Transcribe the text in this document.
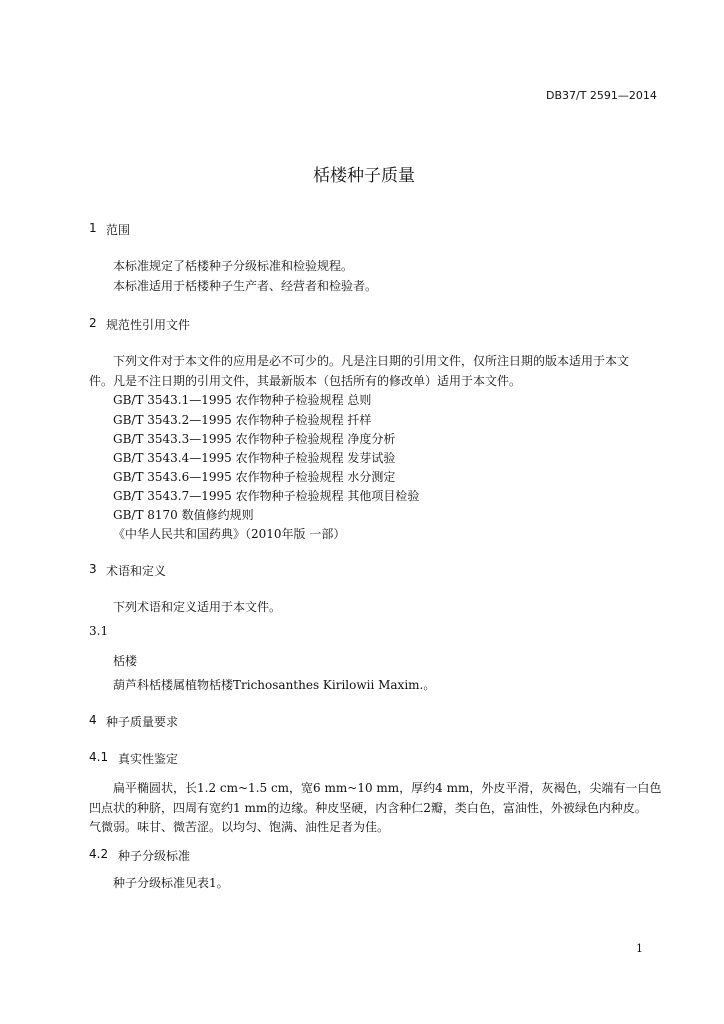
DB37/T 2591—2014
栝楼种子质量
1 范围
本标准规定了栝楼种子分级标准和检验规程。
本标准适用于栝楼种子生产者、经营者和检验者。
2 规范性引用文件
下列文件对于本文件的应用是必不可少的。凡是注日期的引用文件，仅所注日期的版本适用于本文
件。凡是不注日期的引用文件，其最新版本（包括所有的修改单）适用于本文件。
GB/T 3543.1—1995 农作物种子检验规程 总则
GB/T 3543.2—1995 农作物种子检验规程 扦样
GB/T 3543.3—1995 农作物种子检验规程 净度分析
GB/T 3543.4—1995 农作物种子检验规程 发芽试验
GB/T 3543.6—1995 农作物种子检验规程 水分测定
GB/T 3543.7—1995 农作物种子检验规程 其他项目检验
GB/T 8170 数值修约规则
《中华人民共和国药典》（2010年版 一部）
3 术语和定义
下列术语和定义适用于本文件。
3.1
栝楼
葫芦科栝楼属植物栝楼Trichosanthes Kirilowii Maxim.。
4 种子质量要求
4.1 真实性鉴定
扁平椭圆状，长1.2 cm~1.5 cm，宽6 mm~10 mm，厚约4 mm，外皮平滑，灰褐色，尖端有一白色
凹点状的种脐，四周有宽约1 mm的边缘。种皮坚硬，内含种仁2瓣，类白色，富油性，外被绿色内种皮。
气微弱。味甘、微苦涩。以均匀、饱满、油性足者为佳。
4.2 种子分级标准
种子分级标准见表1。
1
